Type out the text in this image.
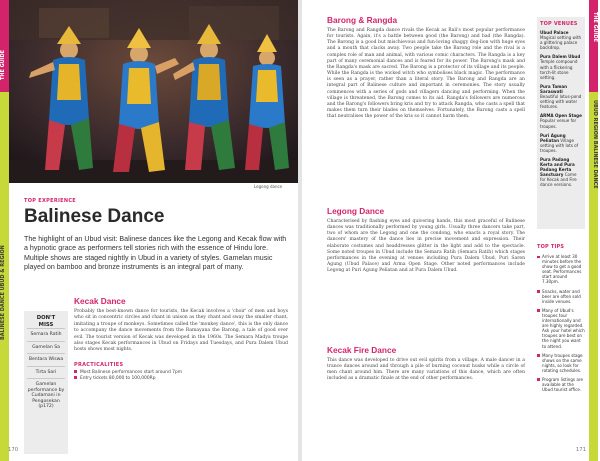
Legong dance
TOP EXPERIENCE
Balinese Dance
The highlight of an Ubud visit: Balinese dances like the Legong and Kecak flow with a hypnotic grace as performers tell stories rich with the essence of Hindu lore. Multiple shows are staged nightly in Ubud in a variety of styles. Gamelan music played on bamboo and bronze instruments is an integral part of many.
DON'T
MISS
Semara Ratih
Gamelan Sa
Bentara Wiswa
Tirta Sari
Gamelan performance by Cudamani in Pengosekan (p172)
Kecak Dance
Probably the best-known dance for tourists, the Kecak involves a 'choir' of men and boys who sit in concentric circles and chant in unison as they chant and sway the smaller chant, imitating a troupe of monkeys. Sometimes called the 'monkey dance', this is the only dance to accompany the dance movements from the Ramayana the Barong, a tale of good over evil. The tourist version of Kecak was developed in the 1960s. The Semara Madya troupe also stages Kecak performances in Ubud on Fridays and Tuesdays, and Pura Dalem Ubud hosts shows most nights.
PRACTICALITIES
Most Balinese performances start around 7pm
Entry tickets 80,000 to 100,000Rp
170
Barong & Rangda
The Barong and Rangda dance rivals the Kecak as Bali's most popular performance for tourists. Again, it's a battle between good (the Barong) and bad (the Rangda). The Barong is a good but mischievous and fun-loving shaggy dog-lion with huge eyes and a mouth that clacks away. Two people take the Barong role and the rival is a complex role of man and animal, with various comic characters. The Rangda is a key part of many ceremonial dances and is feared for its power. The Barong's mask and the Rangda's mask are sacred. The Barong is a protector of its village and its people. While the Rangda is the wicked witch who symbolises black magic. The performance is seen as a prayer, rather than a literal story. The Barong and Rangda are an integral part of Balinese culture and important in ceremonies. The story usually commences with a series of gods and villagers dancing and performing. When the village is threatened, the Barong comes to its aid. Rangda's followers are numerous and the Barong's followers bring kris and try to attack Rangda, who casts a spell that makes them turn their blades on themselves. Fortunately, the Barong casts a spell that neutralises the power of the kris so it cannot harm them.
Legong Dance
Characterised by flashing eyes and quivering hands, this most graceful of Balinese dances was traditionally performed by young girls. Usually three dancers take part, two of whom are the Legong and one the condong, who enacts a royal story. The dancers' mastery of the dance lies in precise movement and expression. Their elaborate costumes and headdresses glitter in the light and add to the spectacle. Some noted troupes in Ubud include the Semara Ratih (Semara Ratih) which stages performances in the evening at venues including Pura Dalem Ubud, Puri Saren Agung (Ubud Palace) and Arma Open Stage. Other noted performances include Legong at Puri Agung Peliatan and at Pura Dalem Ubud.
Kecak Fire Dance
This dance was developed to drive out evil spirits from a village. A male dancer in a trance dances around and through a pile of burning coconut husks while a circle of men chant around him. There are many variations of this dance, which are often included as a dramatic finale at the end of other performances.
TOP VENUES
Ubud Palace Magical setting with a glittering palace backdrop.
Pura Dalem Ubud Temple compound with a flickering torch-lit stone setting.
Pura Taman Saraswati Beautiful lotus-pond setting with water features.
ARMA Open Stage Popular venue for troupes.
Puri Agung Peliatan Village setting with lots of troupes.
Pura Padang Kerta and Pura Padang Kerta Sanctuary Come for Kecak and Fire dance versions.
TOP TIPS
Arrive at least 30 minutes before the show to get a good seat. Performances start around 7.30pm.
Snacks, water and beer are often sold inside venues.
Many of Ubud's troupes tour internationally and are highly regarded. Ask your hotel which troupes are best on the night you want to attend.
Many troupes stage shows on the same nights, so look for rotating schedules.
Program listings are available at the Ubud tourist office.
171
